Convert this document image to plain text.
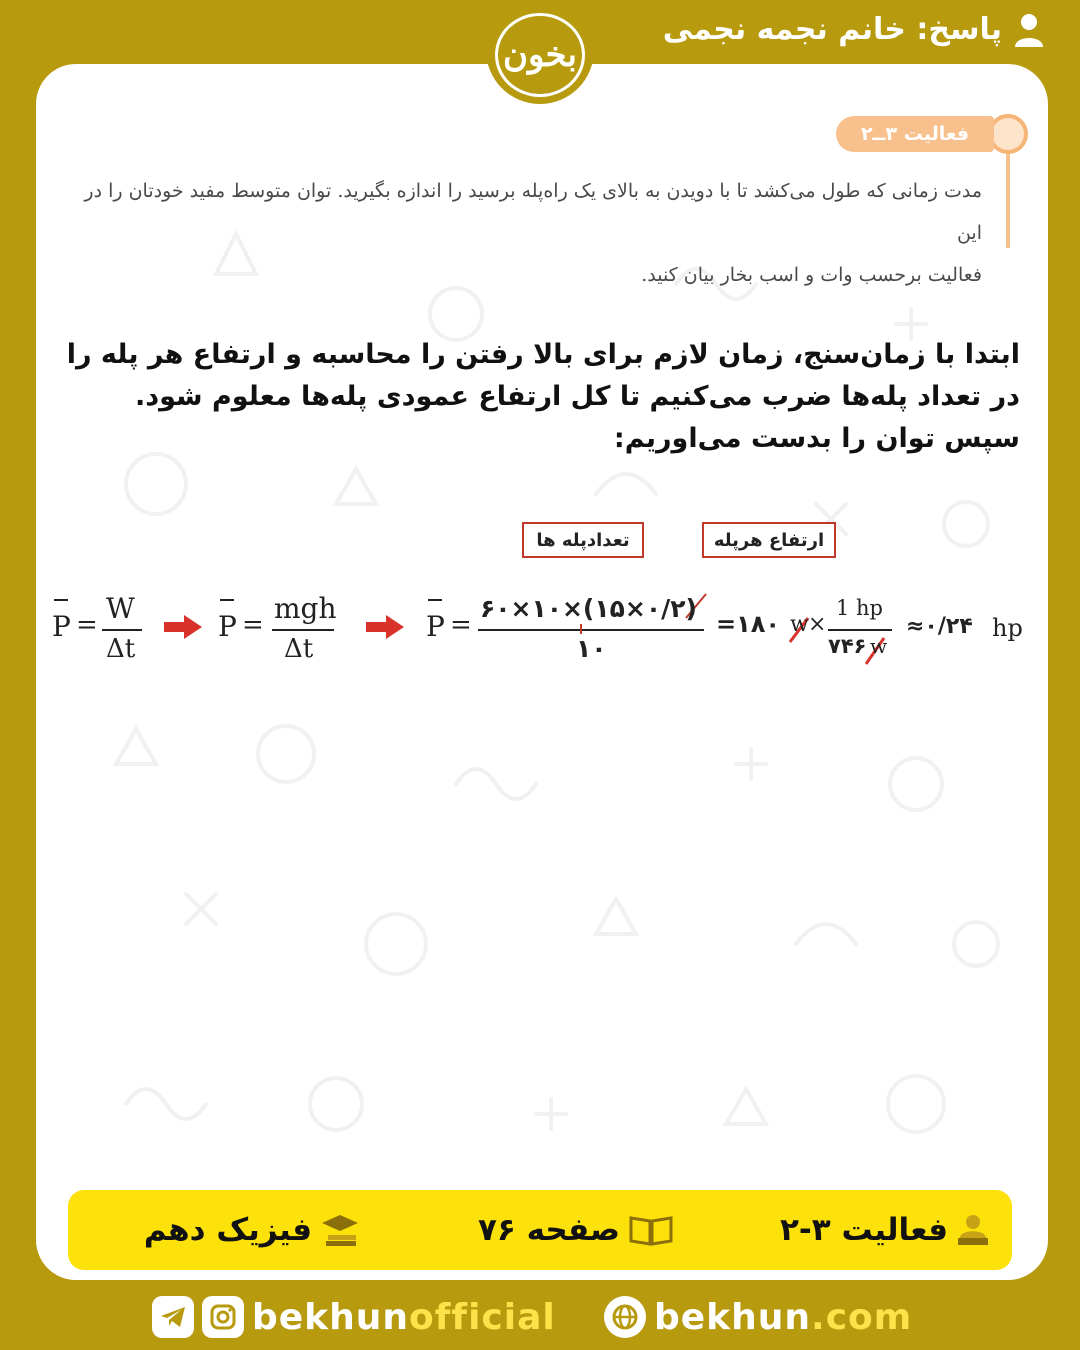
پاسخ: خانم نجمه نجمی
بخون
فعالیت ۳ــ۲
مدت زمانی که طول می‌کشد تا با دویدن به بالای یک راه‌پله برسید را اندازه بگیرید. توان متوسط مفید خودتان را در این
فعالیت برحسب وات و اسب بخار بیان کنید.
ابتدا با زمان‌سنج، زمان لازم برای بالا رفتن را محاسبه و ارتفاع هر پله را در تعداد پله‌ها ضرب می‌کنیم تا کل ارتفاع عمودی پله‌ها معلوم شود. سپس توان را بدست می‌اوریم:
تعدادپله ها	ارتفاع هرپله
P = W
Δt
P = mgh
Δt
P =
۶۰×۱۰×(۱۵×۰/۲)
۱۰
=۱۸۰ w ×
1 hp
۷۴۶ w
≈۰/۲۴ hp
فعالیت ۳-۲
صفحه ۷۶
فیزیک دهم
bekhunofficial	bekhun.com
